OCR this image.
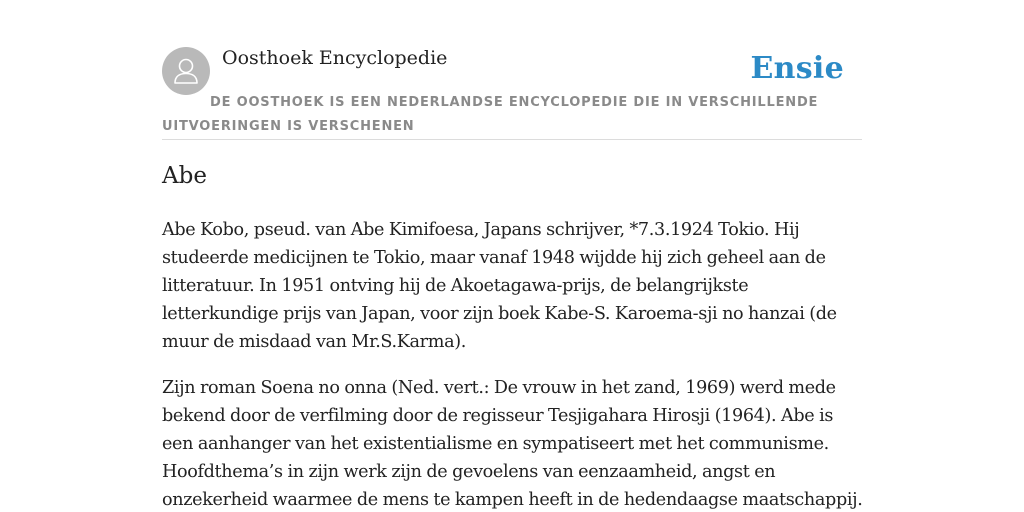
Oosthoek Encyclopedie	Ensie
DE OOSTHOEK IS EEN NEDERLANDSE ENCYCLOPEDIE DIE IN VERSCHILLENDE UITVOERINGEN IS VERSCHENEN
Abe

Abe Kobo, pseud. van Abe Kimifoesa, Japans schrijver, *7.3.1924 Tokio. Hij
studeerde medicijnen te Tokio, maar vanaf 1948 wijdde hij zich geheel aan de
litteratuur. In 1951 ontving hij de Akoetagawa-prijs, de belangrijkste
letterkundige prijs van Japan, voor zijn boek Kabe-S. Karoema-sji no hanzai (de
muur de misdaad van Mr.S.Karma).

Zijn roman Soena no onna (Ned. vert.: De vrouw in het zand, 1969) werd mede
bekend door de verfilming door de regisseur Tesjigahara Hirosji (1964). Abe is
een aanhanger van het existentialisme en sympatiseert met het communisme.
Hoofdthema’s in zijn werk zijn de gevoelens van eenzaamheid, angst en
onzekerheid waarmee de mens te kampen heeft in de hedendaagse maatschappij.
